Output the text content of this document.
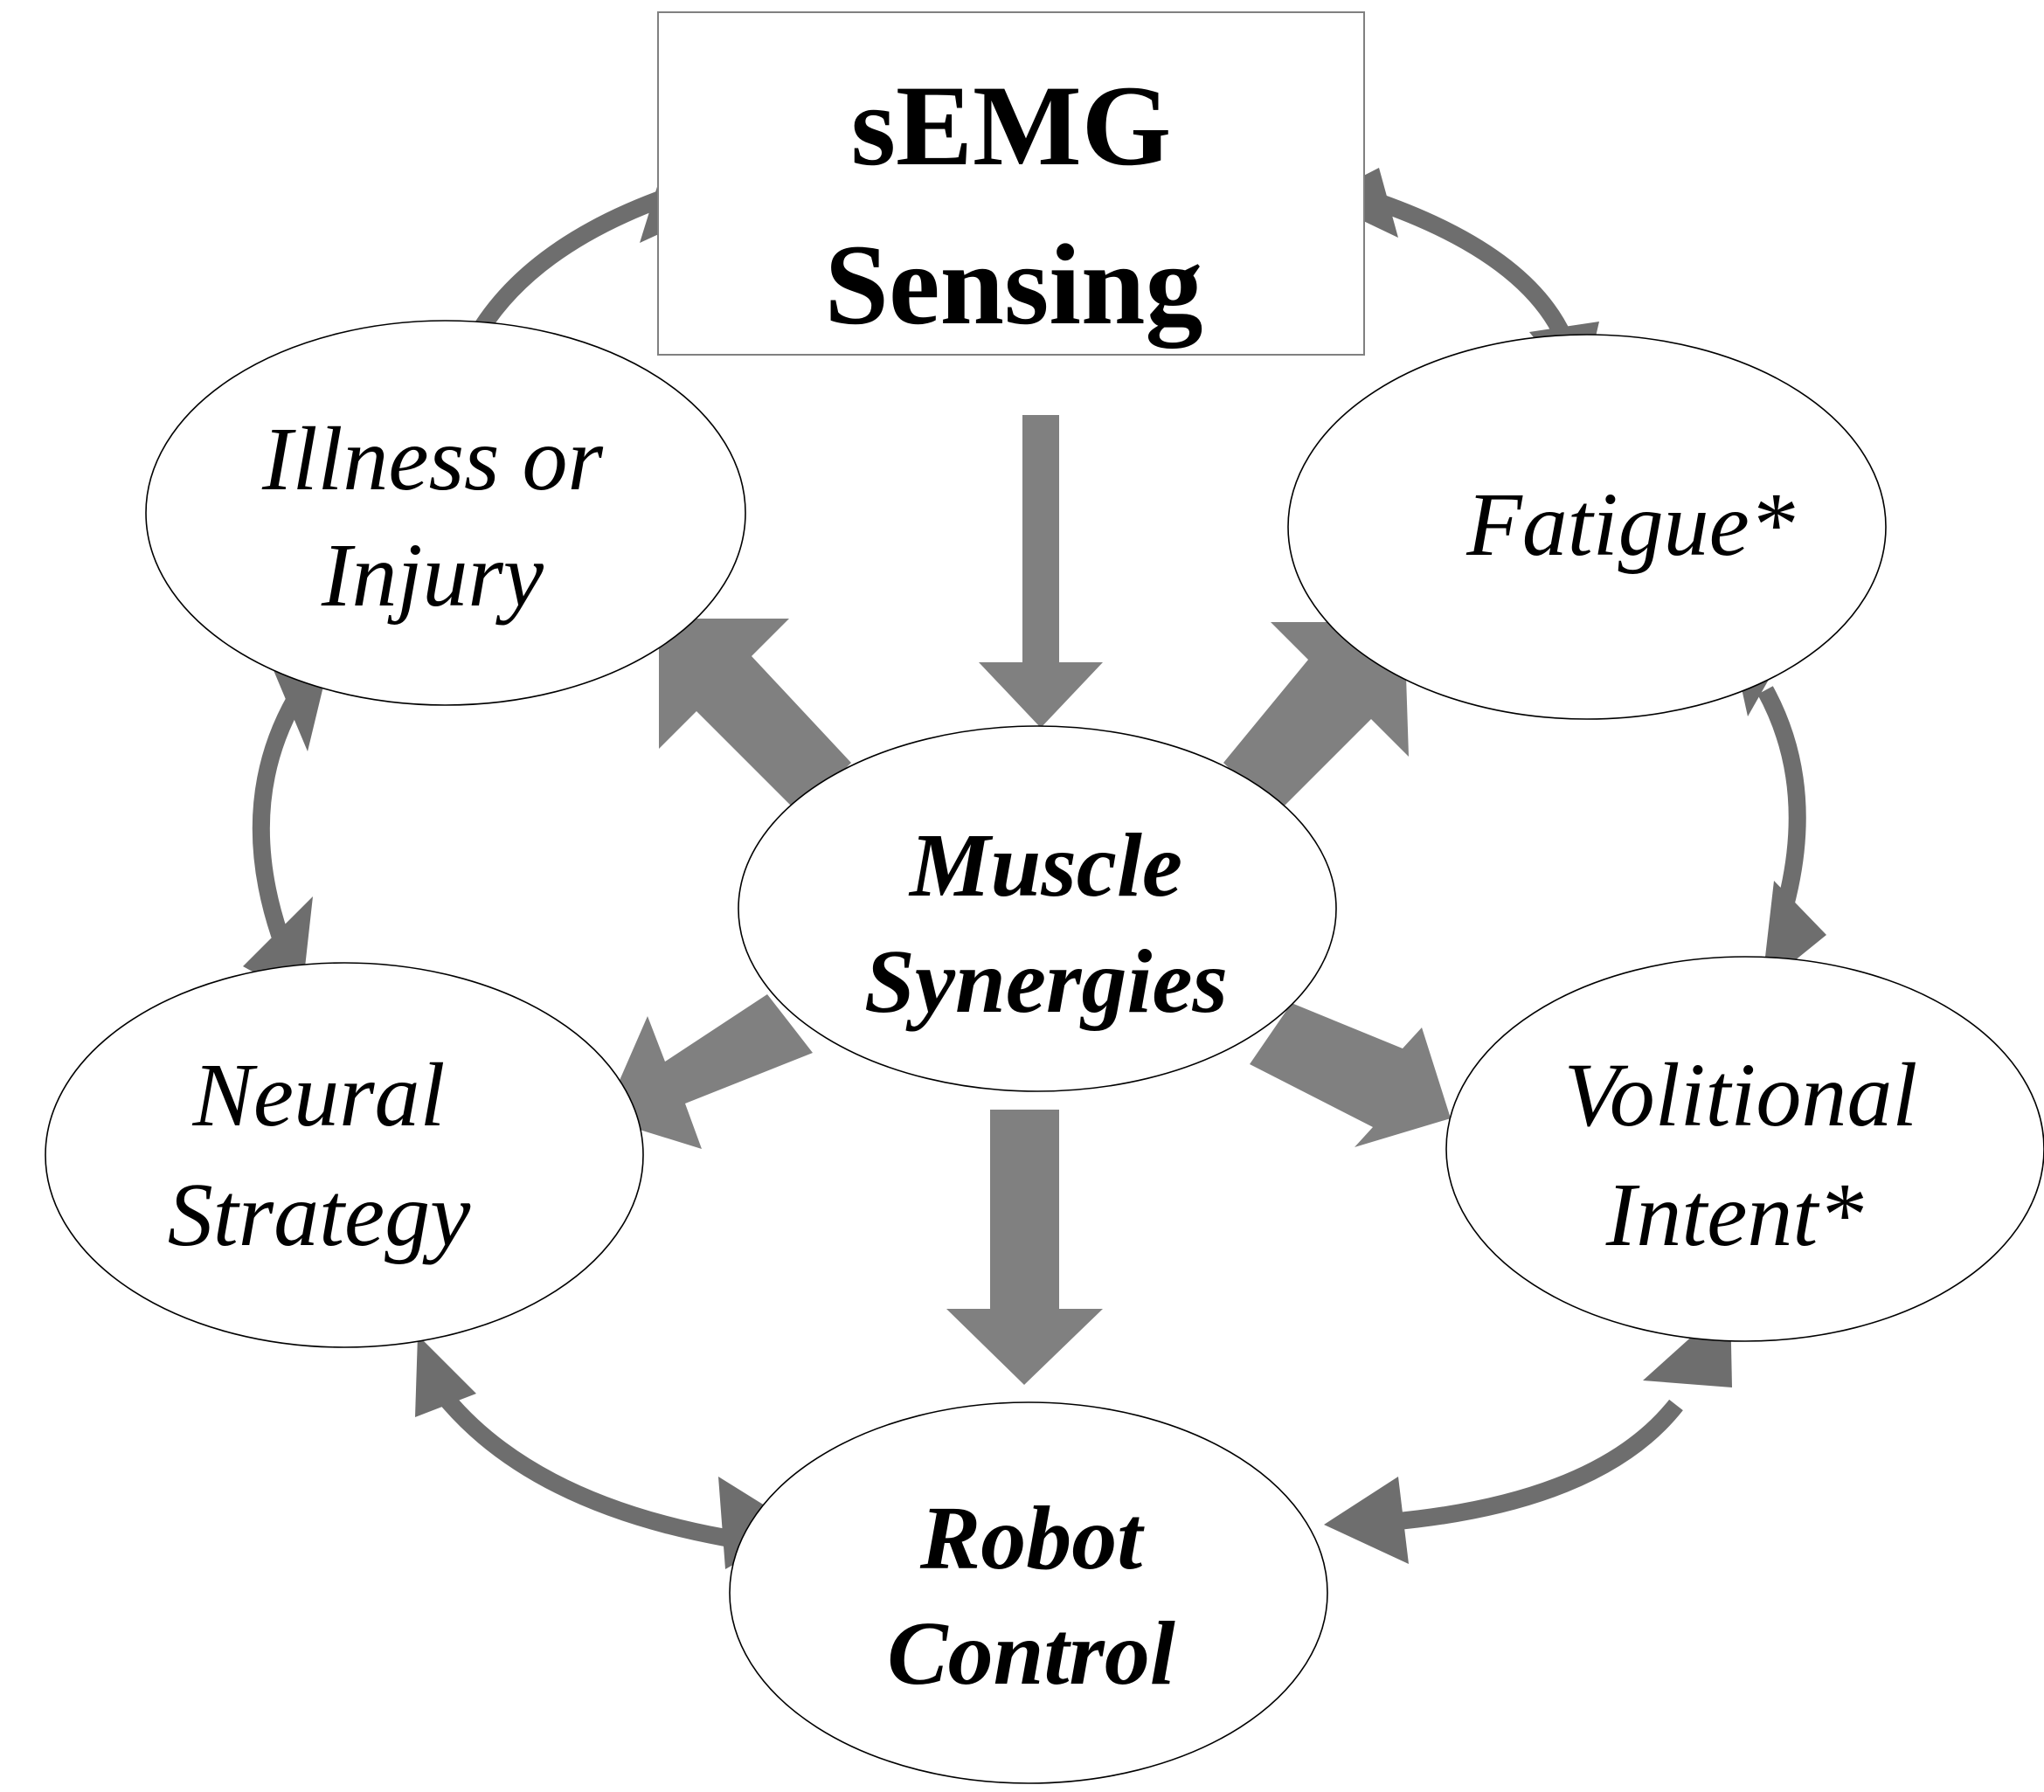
sEMG
Sensing
Illness or
Injury
Fatigue*
Muscle
Synergies
Neural
Strategy
Volitional
Intent*
Robot
Control
